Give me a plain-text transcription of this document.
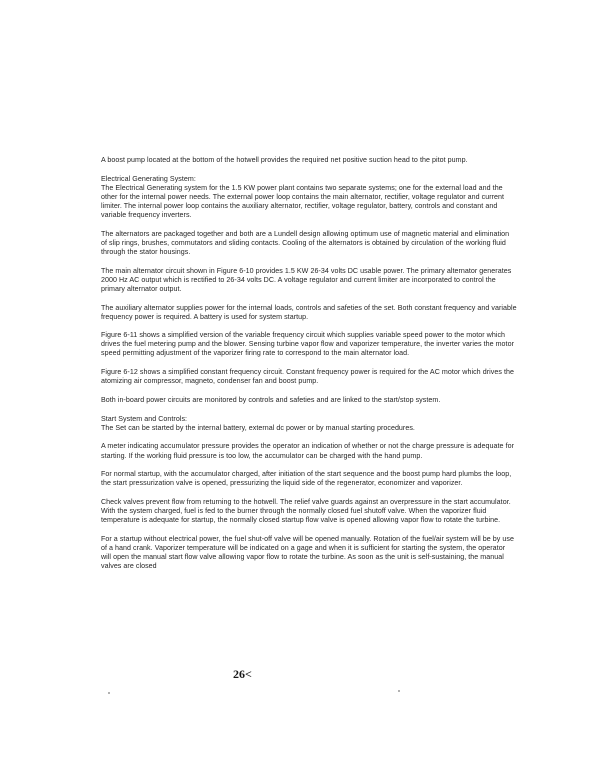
A boost pump located at the bottom of the hotwell provides the required net positive suction head to the pitot pump.

Electrical Generating System:

The Electrical Generating system for the 1.5 KW power plant contains two separate systems; one for the external load and the other for the internal power needs. The external power loop contains the main alternator, rectifier, voltage regulator and current limiter. The internal power loop contains the auxiliary alternator, rectifier, voltage regulator, battery, controls and constant and variable frequency inverters.

The alternators are packaged together and both are a Lundell design allowing optimum use of magnetic material and elimination of slip rings, brushes, commutators and sliding contacts. Cooling of the alternators is obtained by circulation of the working fluid through the stator housings.

The main alternator circuit shown in Figure 6-10 provides 1.5 KW 26-34 volts DC usable power. The primary alternator generates 2000 Hz AC output which is rectified to 26-34 volts DC. A voltage regulator and current limiter are incorporated to control the primary alternator output.

The auxiliary alternator supplies power for the internal loads, controls and safeties of the set. Both constant frequency and variable frequency power is required. A battery is used for system startup.

Figure 6-11 shows a simplified version of the variable frequency circuit which supplies variable speed power to the motor which drives the fuel metering pump and the blower. Sensing turbine vapor flow and vaporizer temperature, the inverter varies the motor speed permitting adjustment of the vaporizer firing rate to correspond to the main alternator load.

Figure 6-12 shows a simplified constant frequency circuit. Constant frequency power is required for the AC motor which drives the atomizing air compressor, magneto, condenser fan and boost pump.

Both in-board power circuits are monitored by controls and safeties and are linked to the start/stop system.

Start System and Controls:

The Set can be started by the internal battery, external dc power or by manual starting procedures.

A meter indicating accumulator pressure provides the operator an indication of whether or not the charge pressure is adequate for starting. If the working fluid pressure is too low, the accumulator can be charged with the hand pump.

For normal startup, with the accumulator charged, after initiation of the start sequence and the boost pump hard plumbs the loop, the start pressurization valve is opened, pressurizing the liquid side of the regenerator, economizer and vaporizer.

Check valves prevent flow from returning to the hotwell. The relief valve guards against an overpressure in the start accumulator. With the system charged, fuel is fed to the burner through the normally closed fuel shutoff valve. When the vaporizer fluid temperature is adequate for startup, the normally closed startup flow valve is opened allowing vapor flow to rotate the turbine.

For a startup without electrical power, the fuel shut-off valve will be opened manually. Rotation of the fuel/air system will be by use of a hand crank. Vaporizer temperature will be indicated on a gage and when it is sufficient for starting the system, the operator will open the manual start flow valve allowing vapor flow to rotate the turbine. As soon as the unit is self-sustaining, the manual valves are closed

26<
